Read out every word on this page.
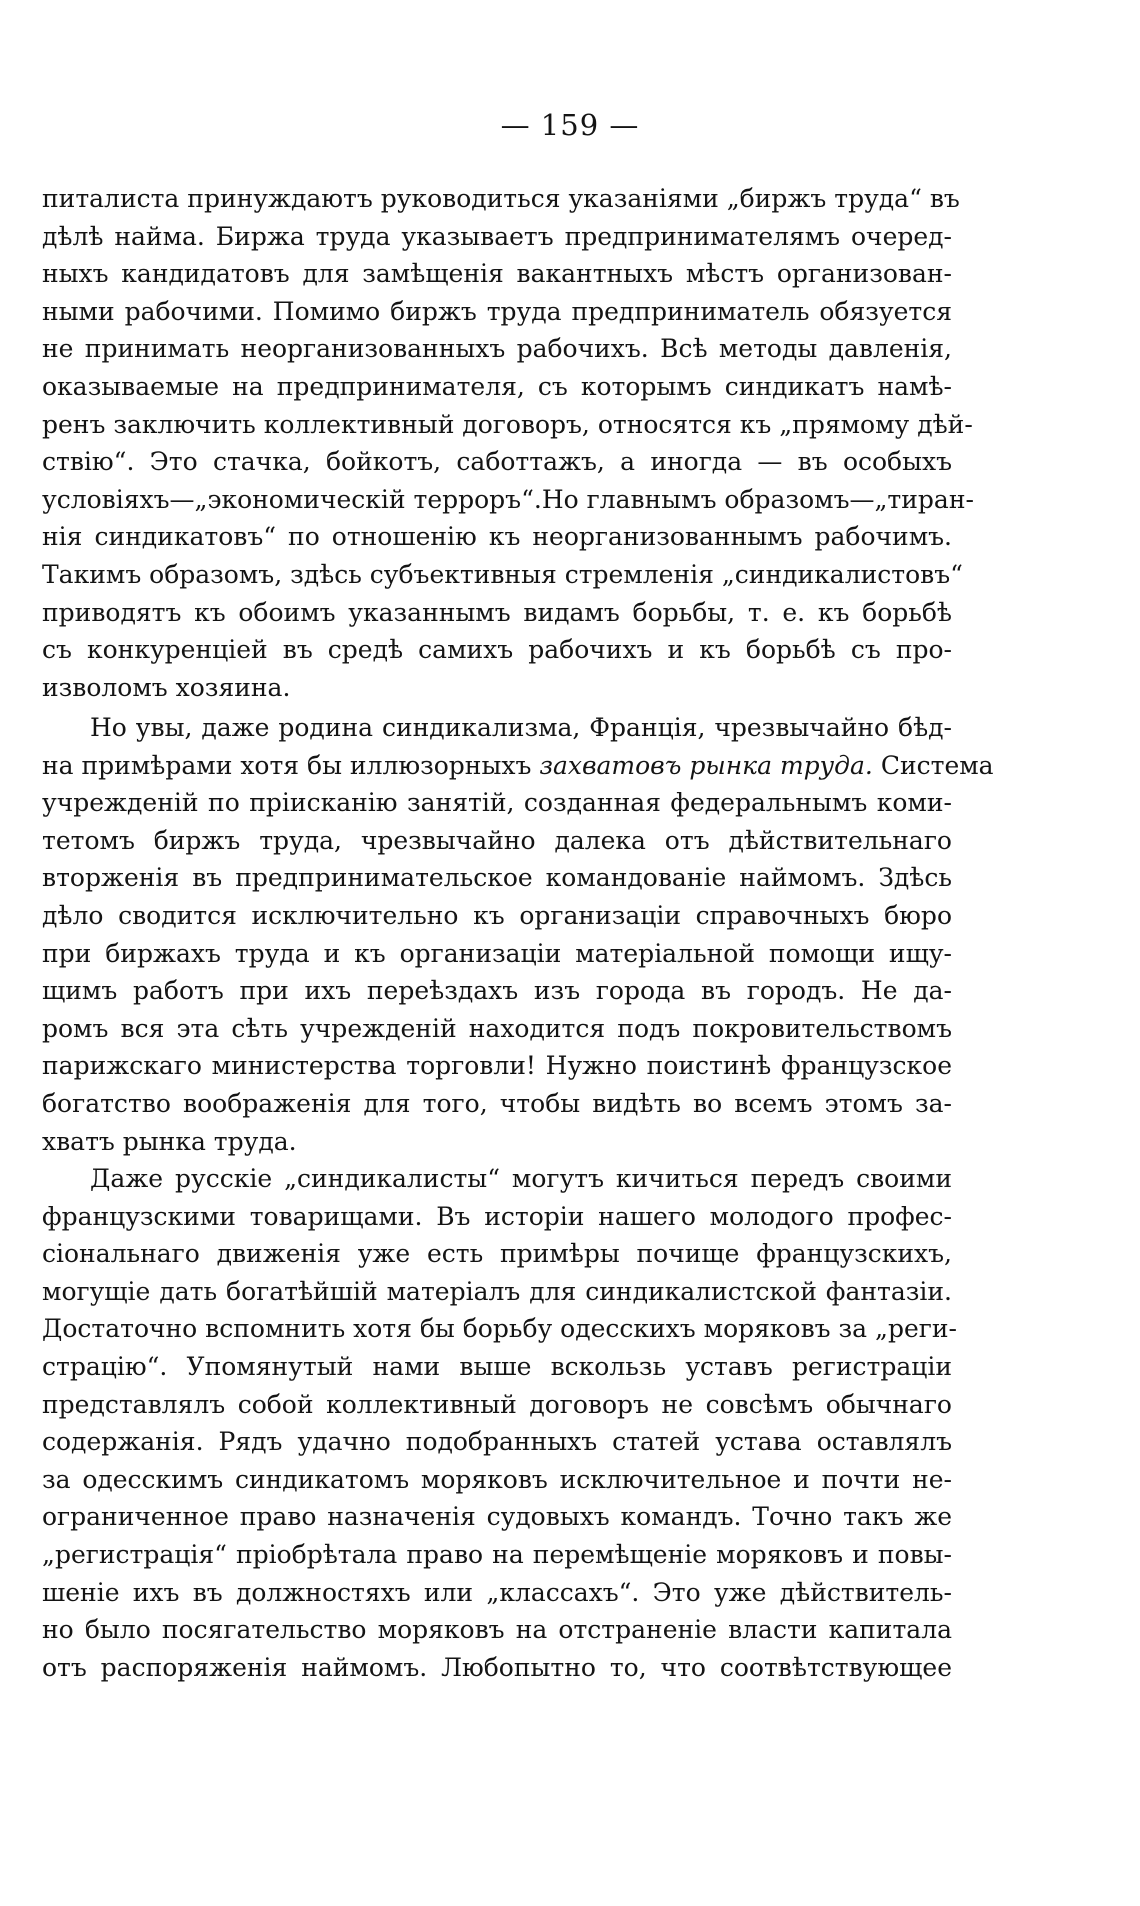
— 159 —
питалиста принуждаютъ руководиться указаніями „биржъ труда“ въ
дѣлѣ найма. Биржа труда указываетъ предпринимателямъ очеред-
ныхъ кандидатовъ для замѣщенія вакантныхъ мѣстъ организован-
ными рабочими. Помимо биржъ труда предприниматель обязуется
не принимать неорганизованныхъ рабочихъ. Всѣ методы давленія,
оказываемые на предпринимателя, съ которымъ синдикатъ намѣ-
ренъ заключить коллективный договоръ, относятся къ „прямому дѣй-
ствію“. Это стачка, бойкотъ, саботтажъ, а иногда — въ особыхъ
условіяхъ—„экономическій терроръ“.Но главнымъ образомъ—„тиран-
нія синдикатовъ“ по отношенію къ неорганизованнымъ рабочимъ.
Такимъ образомъ, здѣсь субъективныя стремленія „синдикалистовъ“
приводятъ къ обоимъ указаннымъ видамъ борьбы, т. е. къ борьбѣ
съ конкуренціей въ средѣ самихъ рабочихъ и къ борьбѣ съ про-
изволомъ хозяина.
Но увы, даже родина синдикализма, Франція, чрезвычайно бѣд-
на примѣрами хотя бы иллюзорныхъ захватовъ рынка труда. Система
учрежденій по пріисканію занятій, созданная федеральнымъ коми-
тетомъ биржъ труда, чрезвычайно далека отъ дѣйствительнаго
вторженія въ предпринимательское командованіе наймомъ. Здѣсь
дѣло сводится исключительно къ организаціи справочныхъ бюро
при биржахъ труда и къ организаціи матеріальной помощи ищу-
щимъ работъ при ихъ переѣздахъ изъ города въ городъ. Не да-
ромъ вся эта сѣть учрежденій находится подъ покровительствомъ
парижскаго министерства торговли! Нужно поистинѣ французское
богатство воображенія для того, чтобы видѣть во всемъ этомъ за-
хватъ рынка труда.
Даже русскіе „синдикалисты“ могутъ кичиться передъ своими
французскими товарищами. Въ исторіи нашего молодого профес-
сіональнаго движенія уже есть примѣры почище французскихъ,
могущіе дать богатѣйшій матеріалъ для синдикалистской фантазіи.
Достаточно вспомнить хотя бы борьбу одесскихъ моряковъ за „реги-
страцію“. Упомянутый нами выше вскользь уставъ регистраціи
представлялъ собой коллективный договоръ не совсѣмъ обычнаго
содержанія. Рядъ удачно подобранныхъ статей устава оставлялъ
за одесскимъ синдикатомъ моряковъ исключительное и почти не-
ограниченное право назначенія судовыхъ командъ. Точно такъ же
„регистрація“ пріобрѣтала право на перемѣщеніе моряковъ и повы-
шеніе ихъ въ должностяхъ или „классахъ“. Это уже дѣйствитель-
но было посягательство моряковъ на отстраненіе власти капитала
отъ распоряженія наймомъ. Любопытно то, что соотвѣтствующее
